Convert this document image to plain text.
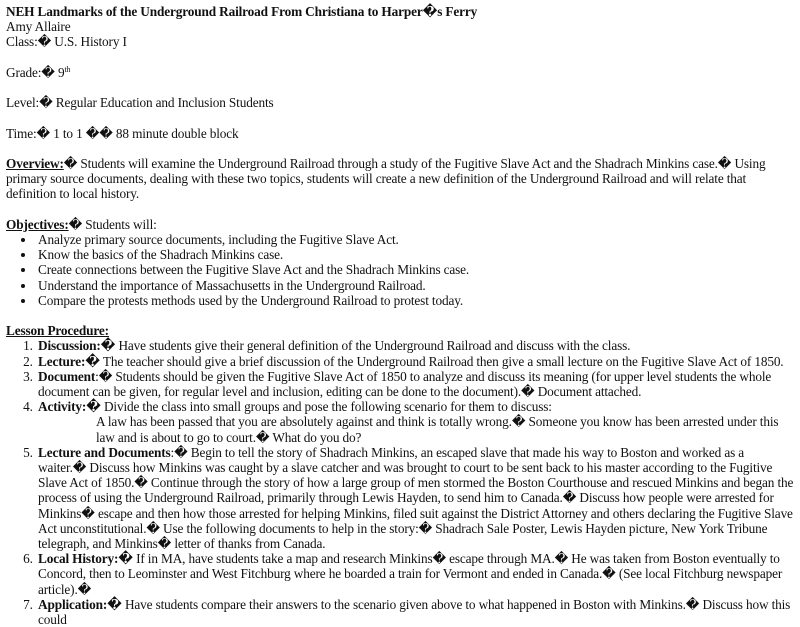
NEH Landmarks of the Underground Railroad From Christiana to Harper�s Ferry

Amy Allaire

Class:� U.S. History I

Grade:� 9th

Level:� Regular Education and Inclusion Students

Time:� 1 to 1 �� 88 minute double block

Overview:� Students will examine the Underground Railroad through a study of the Fugitive Slave Act and the Shadrach Minkins case.� Using primary source documents, dealing with these two topics, students will create a new definition of the Underground Railroad and will relate that definition to local history.

Objectives:� Students will:

• Analyze primary source documents, including the Fugitive Slave Act.
• Know the basics of the Shadrach Minkins case.
• Create connections between the Fugitive Slave Act and the Shadrach Minkins case.
• Understand the importance of Massachusetts in the Underground Railroad.
• Compare the protests methods used by the Underground Railroad to protest today.

Lesson Procedure:

1. Discussion:� Have students give their general definition of the Underground Railroad and discuss with the class.
2. Lecture:� The teacher should give a brief discussion of the Underground Railroad then give a small lecture on the Fugitive Slave Act of 1850.
3. Document:� Students should be given the Fugitive Slave Act of 1850 to analyze and discuss its meaning (for upper level students the whole document can be given, for regular level and inclusion, editing can be done to the document).� Document attached.
4. Activity:� Divide the class into small groups and pose the following scenario for them to discuss:

A law has been passed that you are absolutely against and think is totally wrong.� Someone you know has been arrested under this law and is about to go to court.� What do you do?

5. Lecture and Documents:� Begin to tell the story of Shadrach Minkins, an escaped slave that made his way to Boston and worked as a waiter.� Discuss how Minkins was caught by a slave catcher and was brought to court to be sent back to his master according to the Fugitive Slave Act of 1850.� Continue through the story of how a large group of men stormed the Boston Courthouse and rescued Minkins and began the process of using the Underground Railroad, primarily through Lewis Hayden, to send him to Canada.� Discuss how people were arrested for Minkins� escape and then how those arrested for helping Minkins, filed suit against the District Attorney and others declaring the Fugitive Slave Act unconstitutional.� Use the following documents to help in the story:� Shadrach Sale Poster, Lewis Hayden picture, New York Tribune telegraph, and Minkins� letter of thanks from Canada.
6. Local History:� If in MA, have students take a map and research Minkins� escape through MA.� He was taken from Boston eventually to Concord, then to Leominster and West Fitchburg where he boarded a train for Vermont and ended in Canada.� (See local Fitchburg newspaper article).�
7. Application:� Have students compare their answers to the scenario given above to what happened in Boston with Minkins.� Discuss how this could
